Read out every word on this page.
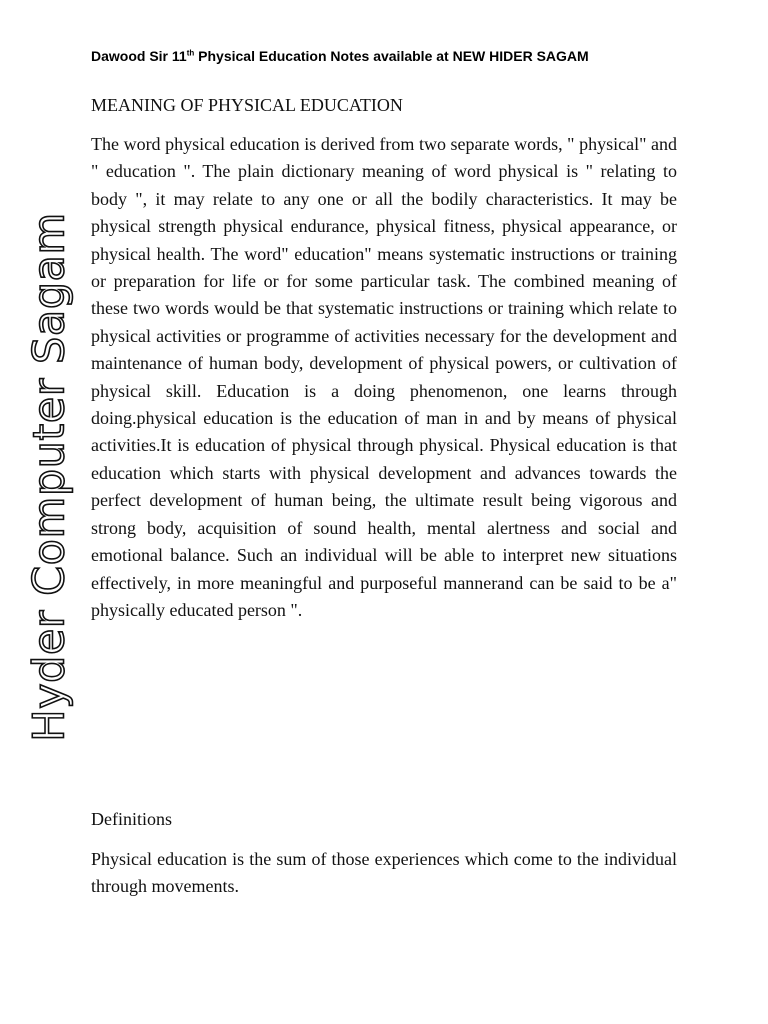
Dawood Sir 11th Physical Education Notes available at NEW HIDER SAGAM
Hyder Computer Sagam
MEANING OF PHYSICAL EDUCATION

The word physical education is derived from two separate words, " physical" and " education ". The plain dictionary meaning of word physical is " relating to body ", it may relate to any one or all the bodily characteristics. It may be physical strength physical endurance, physical fitness, physical appearance, or physical health. The word" education" means systematic instructions or training or preparation for life or for some particular task. The combined meaning of these two words would be that systematic instructions or training which relate to physical activities or programme of activities necessary for the development and maintenance of human body, development of physical powers, or cultivation of physical skill. Education is a doing phenomenon, one learns through doing.physical education is the education of man in and by means of physical activities.It is education of physical through physical. Physical education is that education which starts with physical development and advances towards the perfect development of human being, the ultimate result being vigorous and strong body, acquisition of sound health, mental alertness and social and emotional balance. Such an individual will be able to interpret new situations effectively, in more meaningful and purposeful mannerand can be said to be a" physically educated person ".

Definitions

Physical education is the sum of those experiences which come to the individual through movements.
